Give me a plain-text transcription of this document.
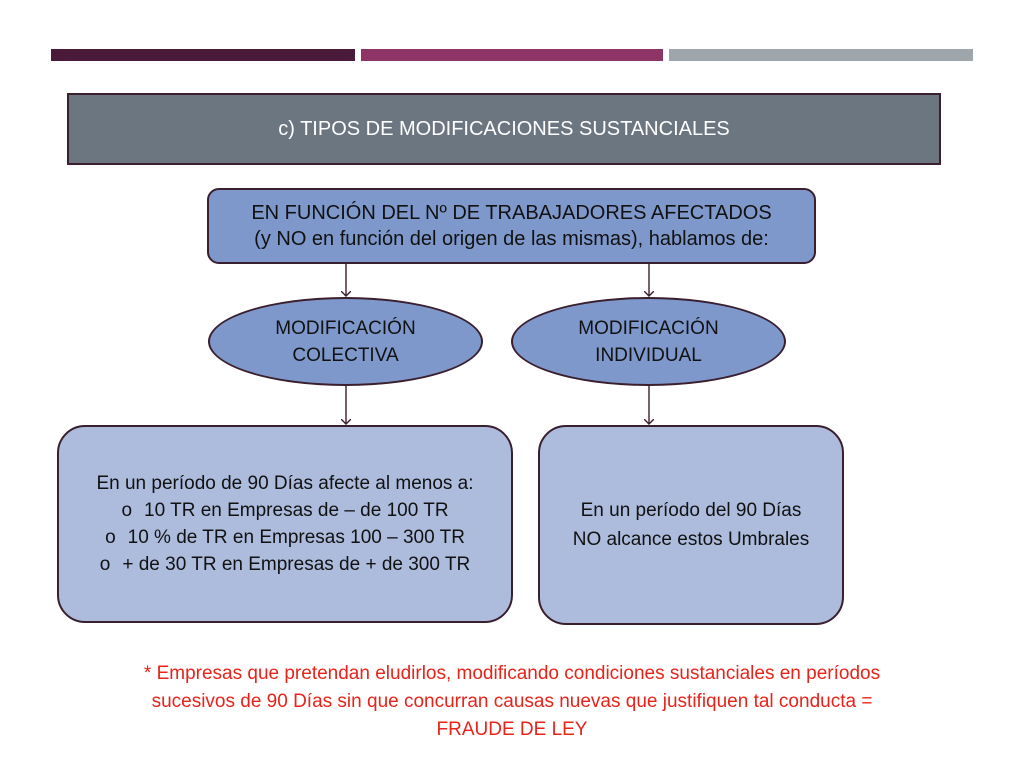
c) TIPOS DE MODIFICACIONES SUSTANCIALES
EN FUNCIÓN DEL Nº DE TRABAJADORES AFECTADOS
(y NO en función del origen de las mismas), hablamos de:
MODIFICACIÓN
COLECTIVA
MODIFICACIÓN
INDIVIDUAL
En un período de 90 Días afecte al menos a:
o 10 TR en Empresas de – de 100 TR
o 10 % de TR en Empresas 100 – 300 TR
o + de 30 TR en Empresas de + de 300 TR
En un período del 90 Días
NO alcance estos Umbrales
* Empresas que pretendan eludirlos, modificando condiciones sustanciales en períodos
sucesivos de 90 Días sin que concurran causas nuevas que justifiquen tal conducta =
FRAUDE DE LEY
